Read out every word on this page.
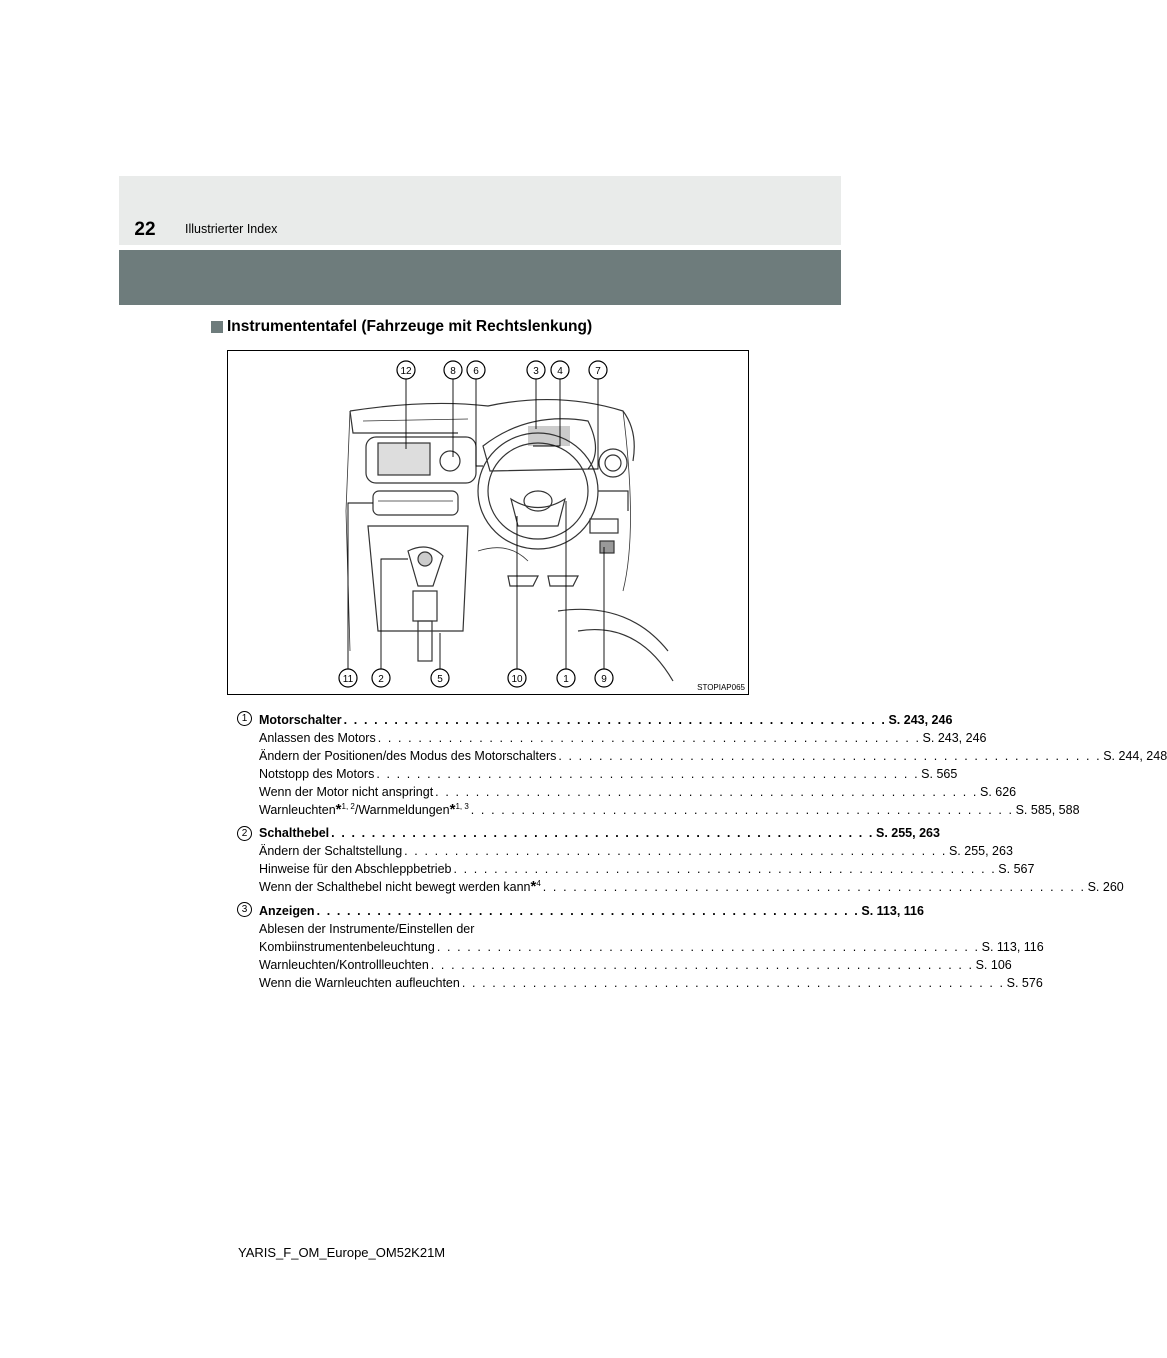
22	Illustrierter Index
Instrumententafel (Fahrzeuge mit Rechtslenkung)
12	8 6	3 4	7
11	2	5	10	1	9
STOPIAP065
1 Motorschalter . . . . . . . . . . . . . . . . . . . . . . . . . . . . . . . . . . . . . . . . . . . . . . . . . . . . . . S. 243, 246
Anlassen des Motors . . . . . . . . . . . . . . . . . . . . . . . . . . . . . . . . . . . . . . . . . . . . . . . . . . . . . . S. 243, 246
Ändern der Positionen/des Modus des Motorschalters . . . . . . . . . . . . . . . . . . . . . . . . . . . . . . . . . . . . . . . . . . . . . . . . . . . . . . S. 244, 248
Notstopp des Motors . . . . . . . . . . . . . . . . . . . . . . . . . . . . . . . . . . . . . . . . . . . . . . . . . . . . . . S. 565
Wenn der Motor nicht anspringt . . . . . . . . . . . . . . . . . . . . . . . . . . . . . . . . . . . . . . . . . . . . . . . . . . . . . . S. 626
Warnleuchten*$^{1, 2}$/Warnmeldungen*$^{1, 3}$ . . . . . . . . . . . . . . . . . . . . . . . . . . . . . . . . . . . . . . . . . . . . . . . . . . . . . . S. 585, 588
2 Schalthebel . . . . . . . . . . . . . . . . . . . . . . . . . . . . . . . . . . . . . . . . . . . . . . . . . . . . . . S. 255, 263
Ändern der Schaltstellung . . . . . . . . . . . . . . . . . . . . . . . . . . . . . . . . . . . . . . . . . . . . . . . . . . . . . . S. 255, 263
Hinweise für den Abschleppbetrieb . . . . . . . . . . . . . . . . . . . . . . . . . . . . . . . . . . . . . . . . . . . . . . . . . . . . . . S. 567
Wenn der Schalthebel nicht bewegt werden kann*$^4$ . . . . . . . . . . . . . . . . . . . . . . . . . . . . . . . . . . . . . . . . . . . . . . . . . . . . . . S. 260
3 Anzeigen . . . . . . . . . . . . . . . . . . . . . . . . . . . . . . . . . . . . . . . . . . . . . . . . . . . . . . S. 113, 116
Ablesen der Instrumente/Einstellen der
Kombiinstrumentenbeleuchtung . . . . . . . . . . . . . . . . . . . . . . . . . . . . . . . . . . . . . . . . . . . . . . . . . . . . . . S. 113, 116
Warnleuchten/Kontrollleuchten . . . . . . . . . . . . . . . . . . . . . . . . . . . . . . . . . . . . . . . . . . . . . . . . . . . . . . S. 106
Wenn die Warnleuchten aufleuchten . . . . . . . . . . . . . . . . . . . . . . . . . . . . . . . . . . . . . . . . . . . . . . . . . . . . . . S. 576
YARIS_F_OM_Europe_OM52K21M
